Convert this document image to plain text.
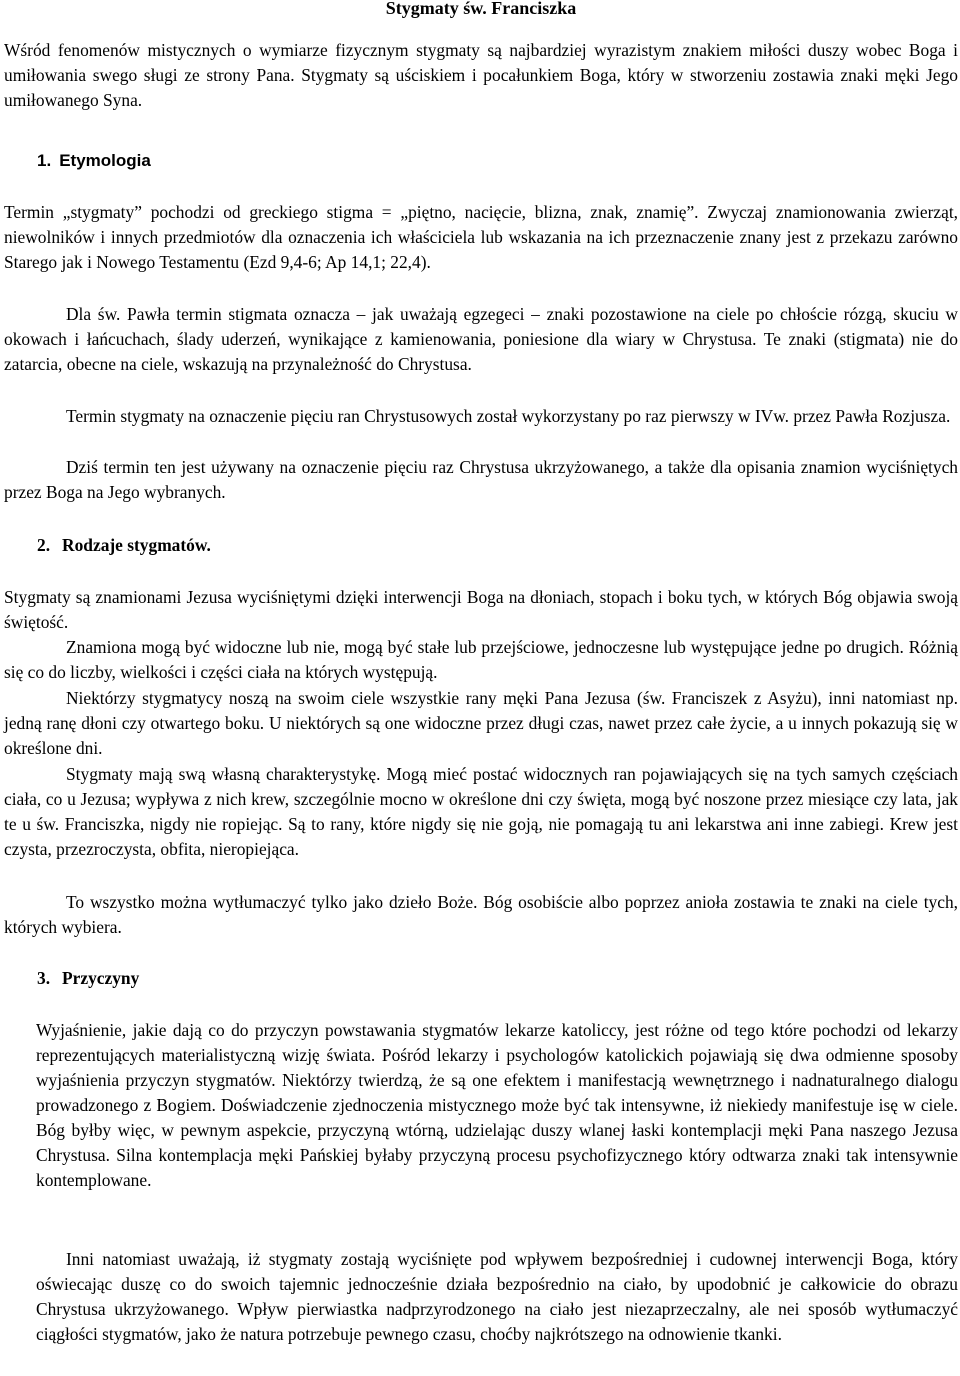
Stygmaty św. Franciszka

Wśród fenomenów mistycznych o wymiarze fizycznym stygmaty są najbardziej wyrazistym znakiem miłości duszy wobec Boga i umiłowania swego sługi ze strony Pana. Stygmaty są uściskiem i pocałunkiem Boga, który w stworzeniu zostawia znaki męki Jego umiłowanego Syna.

1. Etymologia

Termin „stygmaty” pochodzi od greckiego stigma = „piętno, nacięcie, blizna, znak, znamię”. Zwyczaj znamionowania zwierząt, niewolników i innych przedmiotów dla oznaczenia ich właściciela lub wskazania na ich przeznaczenie znany jest z przekazu zarówno Starego jak i Nowego Testamentu (Ezd 9,4-6; Ap 14,1; 22,4).

Dla św. Pawła termin stigmata oznacza – jak uważają egzegeci – znaki pozostawione na ciele po chłoście rózgą, skuciu w okowach i łańcuchach, ślady uderzeń, wynikające z kamienowania, poniesione dla wiary w Chrystusa. Te znaki (stigmata) nie do zatarcia, obecne na ciele, wskazują na przynależność do Chrystusa.

Termin stygmaty na oznaczenie pięciu ran Chrystusowych został wykorzystany po raz pierwszy w IVw. przez Pawła Rozjusza.

Dziś termin ten jest używany na oznaczenie pięciu raz Chrystusa ukrzyżowanego, a także dla opisania znamion wyciśniętych przez Boga na Jego wybranych.

2. Rodzaje stygmatów.

Stygmaty są znamionami Jezusa wyciśniętymi dzięki interwencji Boga na dłoniach, stopach i boku tych, w których Bóg objawia swoją świętość.

Znamiona mogą być widoczne lub nie, mogą być stałe lub przejściowe, jednoczesne lub występujące jedne po drugich. Różnią się co do liczby, wielkości i części ciała na których występują.

Niektórzy stygmatycy noszą na swoim ciele wszystkie rany męki Pana Jezusa (św. Franciszek z Asyżu), inni natomiast np. jedną ranę dłoni czy otwartego boku. U niektórych są one widoczne przez długi czas, nawet przez całe życie, a u innych pokazują się w określone dni.

Stygmaty mają swą własną charakterystykę. Mogą mieć postać widocznych ran pojawiających się na tych samych częściach ciała, co u Jezusa; wypływa z nich krew, szczególnie mocno w określone dni czy święta, mogą być noszone przez miesiące czy lata, jak te u św. Franciszka, nigdy nie ropiejąc. Są to rany, które nigdy się nie goją, nie pomagają tu ani lekarstwa ani inne zabiegi. Krew jest czysta, przezroczysta, obfita, nieropiejąca.

To wszystko można wytłumaczyć tylko jako dzieło Boże. Bóg osobiście albo poprzez anioła zostawia te znaki na ciele tych, których wybiera.

3. Przyczyny

Wyjaśnienie, jakie dają co do przyczyn powstawania stygmatów lekarze katoliccy, jest różne od tego które pochodzi od lekarzy reprezentujących materialistyczną wizję świata. Pośród lekarzy i psychologów katolickich pojawiają się dwa odmienne sposoby wyjaśnienia przyczyn stygmatów. Niektórzy twierdzą, że są one efektem i manifestacją wewnętrznego i nadnaturalnego dialogu prowadzonego z Bogiem. Doświadczenie zjednoczenia mistycznego może być tak intensywne, iż niekiedy manifestuje isę w ciele. Bóg byłby więc, w pewnym aspekcie, przyczyną wtórną, udzielając duszy wlanej łaski kontemplacji męki Pana naszego Jezusa Chrystusa. Silna kontemplacja męki Pańskiej byłaby przyczyną procesu psychofizycznego który odtwarza znaki tak intensywnie kontemplowane.

Inni natomiast uważają, iż stygmaty zostają wyciśnięte pod wpływem bezpośredniej i cudownej interwencji Boga, który oświecając duszę co do swoich tajemnic jednocześnie działa bezpośrednio na ciało, by upodobnić je całkowicie do obrazu Chrystusa ukrzyżowanego. Wpływ pierwiastka nadprzyrodzonego na ciało jest niezaprzeczalny, ale nei sposób wytłumaczyć ciągłości stygmatów, jako że natura potrzebuje pewnego czasu, choćby najkrótszego na odnowienie tkanki.
